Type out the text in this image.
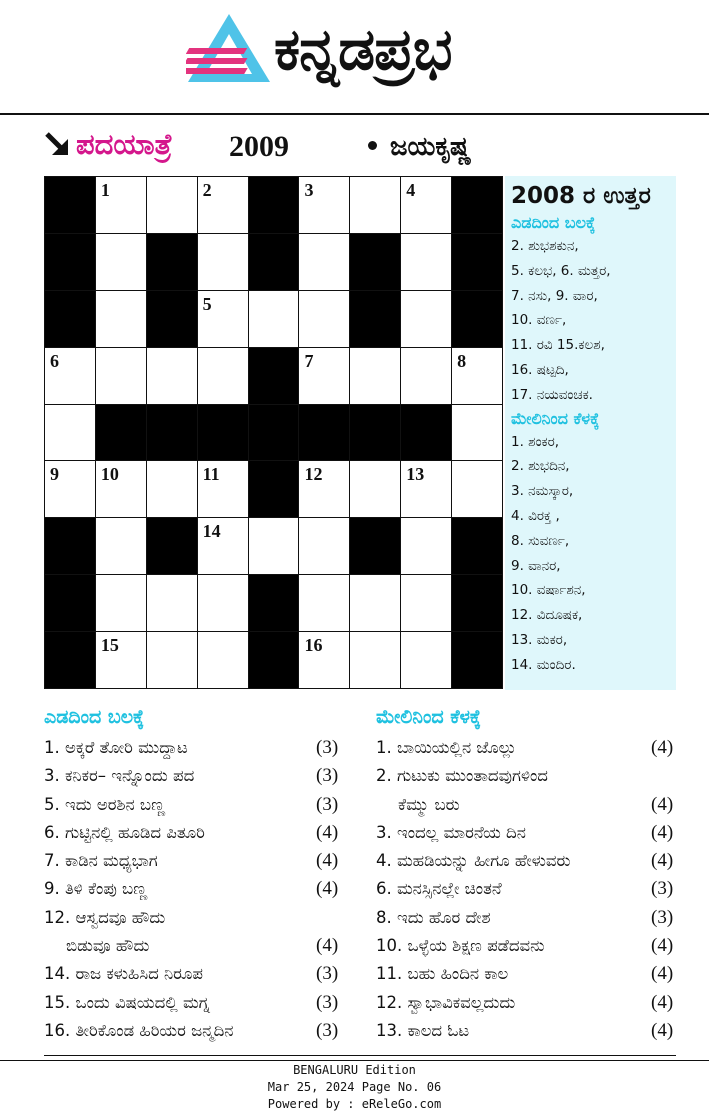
ಕನ್ನಡಪ್ರಭ
ಪದಯಾತ್ರೆ 2009	ಜಯಕೃಷ್ಣ
1	2	3	4
5
6	7	8
9 10	11	12	13
14
15	16
2008 ರ ಉತ್ತರ
ಎಡದಿಂದ ಬಲಕ್ಕೆ
2. ಶುಭಶಕುನ,
5. ಕಲಭ, 6. ಮತ್ತರ,
7. ನಸು, 9. ವಾರ,
10. ವರ್ಣ,
11. ರವಿ 15.ಕಲಶ,
16. ಷಟ್ಪದಿ,
17. ನಯವಂಚಕ.
ಮೇಲಿನಿಂದ ಕೆಳಕ್ಕೆ
1. ಶಂಕರ,
2. ಶುಭದಿನ,
3. ನಮಸ್ಕಾರ,
4. ವಿರಕ್ತ ,
8. ಸುವರ್ಣ,
9. ವಾನರ,
10. ವರ್ಷಾಶನ,
12. ವಿದೂಷಕ,
13. ಮಕರ,
14. ಮಂದಿರ.
ಎಡದಿಂದ ಬಲಕ್ಕೆ
1. ಅಕ್ಕರೆ ತೋರಿ ಮುದ್ದಾಟ	(3)
3. ಕನಿಕರ– ಇನ್ನೊಂದು ಪದ	(3)
5. ಇದು ಅರಶಿನ ಬಣ್ಣ	(3)
6. ಗುಟ್ಟಿನಲ್ಲಿ ಹೂಡಿದ ಪಿತೂರಿ	(4)
7. ಕಾಡಿನ ಮಧ್ಯಭಾಗ	(4)
9. ತಿಳಿ ಕೆಂಪು ಬಣ್ಣ	(4)
12. ಆಸ್ವದವೂ ಹೌದು
ಬಿಡುವೂ ಹೌದು	(4)
14. ರಾಜ ಕಳುಹಿಸಿದ ನಿರೂಪ	(3)
15. ಒಂದು ವಿಷಯದಲ್ಲಿ ಮಗ್ನ	(3)
16. ತೀರಿಕೊಂಡ ಹಿರಿಯರ ಜನ್ಮದಿನ	(3)
ಮೇಲಿನಿಂದ ಕೆಳಕ್ಕೆ
1. ಬಾಯಿಯಲ್ಲಿನ ಜೊಲ್ಲು	(4)
2. ಗುಟುಕು ಮುಂತಾದವುಗಳಿಂದ
ಕೆಮ್ಮು ಬರು	(4)
3. ಇಂದಲ್ಲ ಮಾರನೆಯ ದಿನ	(4)
4. ಮಹಡಿಯನ್ನು ಹೀಗೂ ಹೇಳುವರು	(4)
6. ಮನಸ್ಸಿನಲ್ಲೇ ಚಿಂತನೆ	(3)
8. ಇದು ಹೊರ ದೇಶ	(3)
10. ಒಳ್ಳೆಯ ಶಿಕ್ಷಣ ಪಡೆದವನು	(4)
11. ಬಹು ಹಿಂದಿನ ಕಾಲ	(4)
12. ಸ್ವಾಭಾವಿಕವಲ್ಲದುದು	(4)
13. ಕಾಲದ ಓಟ	(4)
BENGALURU Edition
Mar 25, 2024 Page No. 06
Powered by : eReleGo.com
